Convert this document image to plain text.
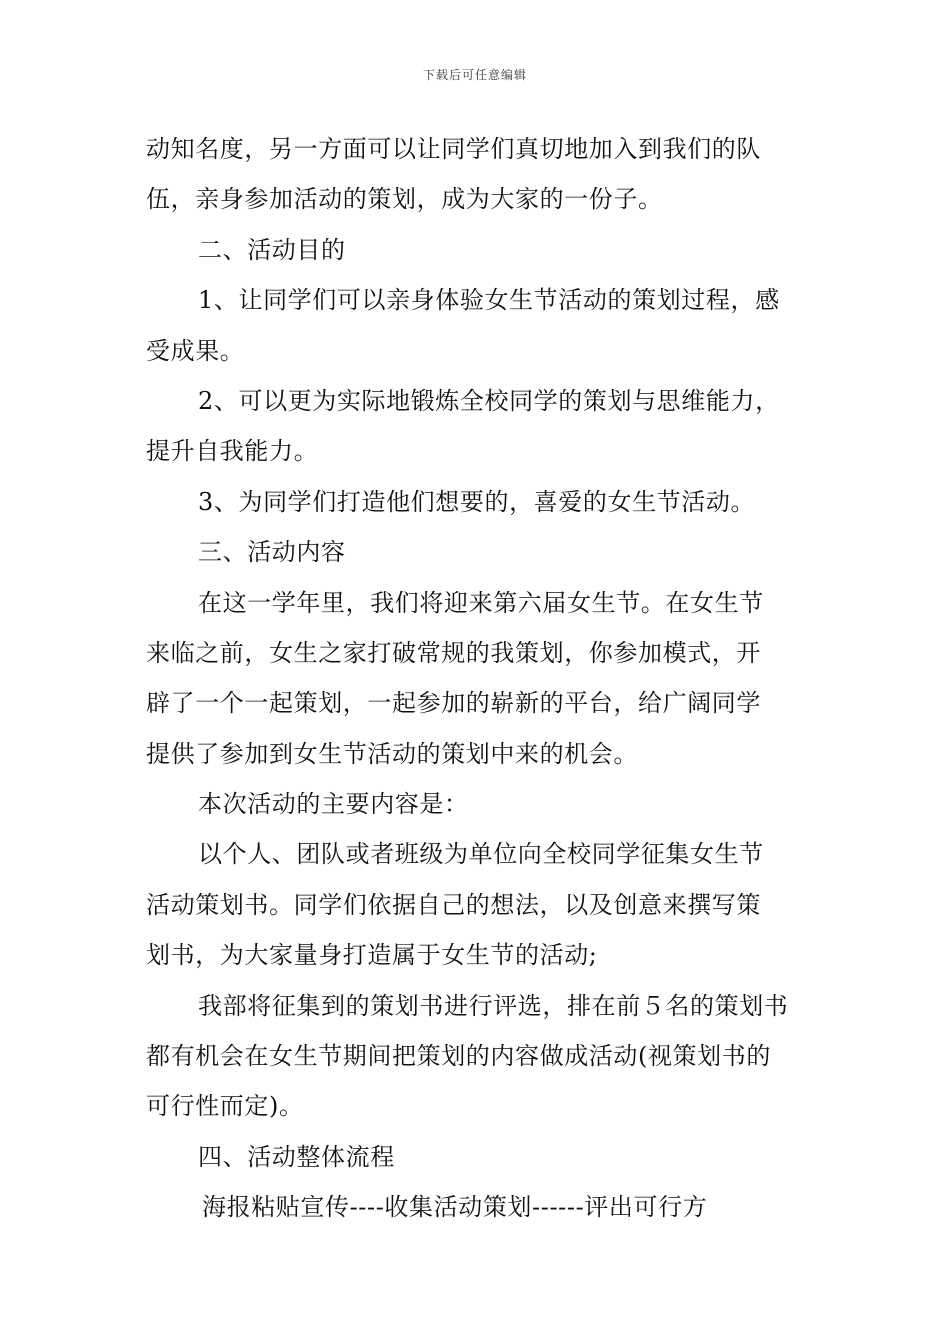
下载后可任意编辑
动知名度，另一方面可以让同学们真切地加入到我们的队
伍，亲身参加活动的策划，成为大家的一份子。
二、活动目的
1、让同学们可以亲身体验女生节活动的策划过程，感
受成果。
2、可以更为实际地锻炼全校同学的策划与思维能力，
提升自我能力。
3、为同学们打造他们想要的，喜爱的女生节活动。
三、活动内容
在这一学年里，我们将迎来第六届女生节。在女生节
来临之前，女生之家打破常规的我策划，你参加模式，开
辟了一个一起策划，一起参加的崭新的平台，给广阔同学
提供了参加到女生节活动的策划中来的机会。
本次活动的主要内容是：
以个人、团队或者班级为单位向全校同学征集女生节
活动策划书。同学们依据自己的想法，以及创意来撰写策
划书，为大家量身打造属于女生节的活动;
我部将征集到的策划书进行评选，排在前５名的策划书
都有机会在女生节期间把策划的内容做成活动(视策划书的
可行性而定)。
四、活动整体流程
海报粘贴宣传----收集活动策划------评出可行方
